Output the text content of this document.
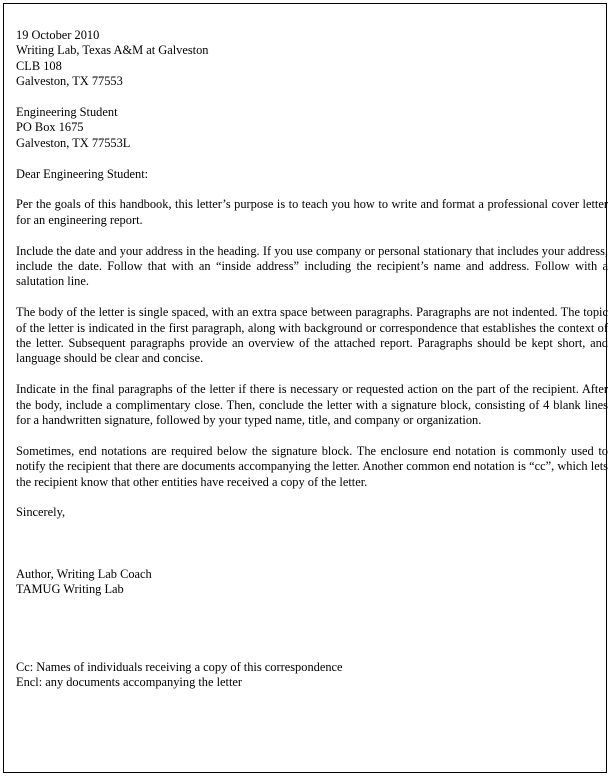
19 October 2010
Writing Lab, Texas A&M at Galveston
CLB 108
Galveston, TX 77553
Engineering Student
PO Box 1675
Galveston, TX 77553L
Dear Engineering Student:

Per the goals of this handbook, this letter’s purpose is to teach you how to write and format a professional cover letter for an engineering report.

Include the date and your address in the heading. If you use company or personal stationary that includes your address, include the date. Follow that with an “inside address” including the recipient’s name and address. Follow with a salutation line.

The body of the letter is single spaced, with an extra space between paragraphs. Paragraphs are not indented. The topic of the letter is indicated in the first paragraph, along with background or correspondence that establishes the context of the letter. Subsequent paragraphs provide an overview of the attached report. Paragraphs should be kept short, and language should be clear and concise.

Indicate in the final paragraphs of the letter if there is necessary or requested action on the part of the recipient. After the body, include a complimentary close. Then, conclude the letter with a signature block, consisting of 4 blank lines for a handwritten signature, followed by your typed name, title, and company or organization.

Sometimes, end notations are required below the signature block. The enclosure end notation is commonly used to notify the recipient that there are documents accompanying the letter. Another common end notation is “cc”, which lets the recipient know that other entities have received a copy of the letter.

Sincerely,
Author, Writing Lab Coach
TAMUG Writing Lab
Cc: Names of individuals receiving a copy of this correspondence
Encl: any documents accompanying the letter
